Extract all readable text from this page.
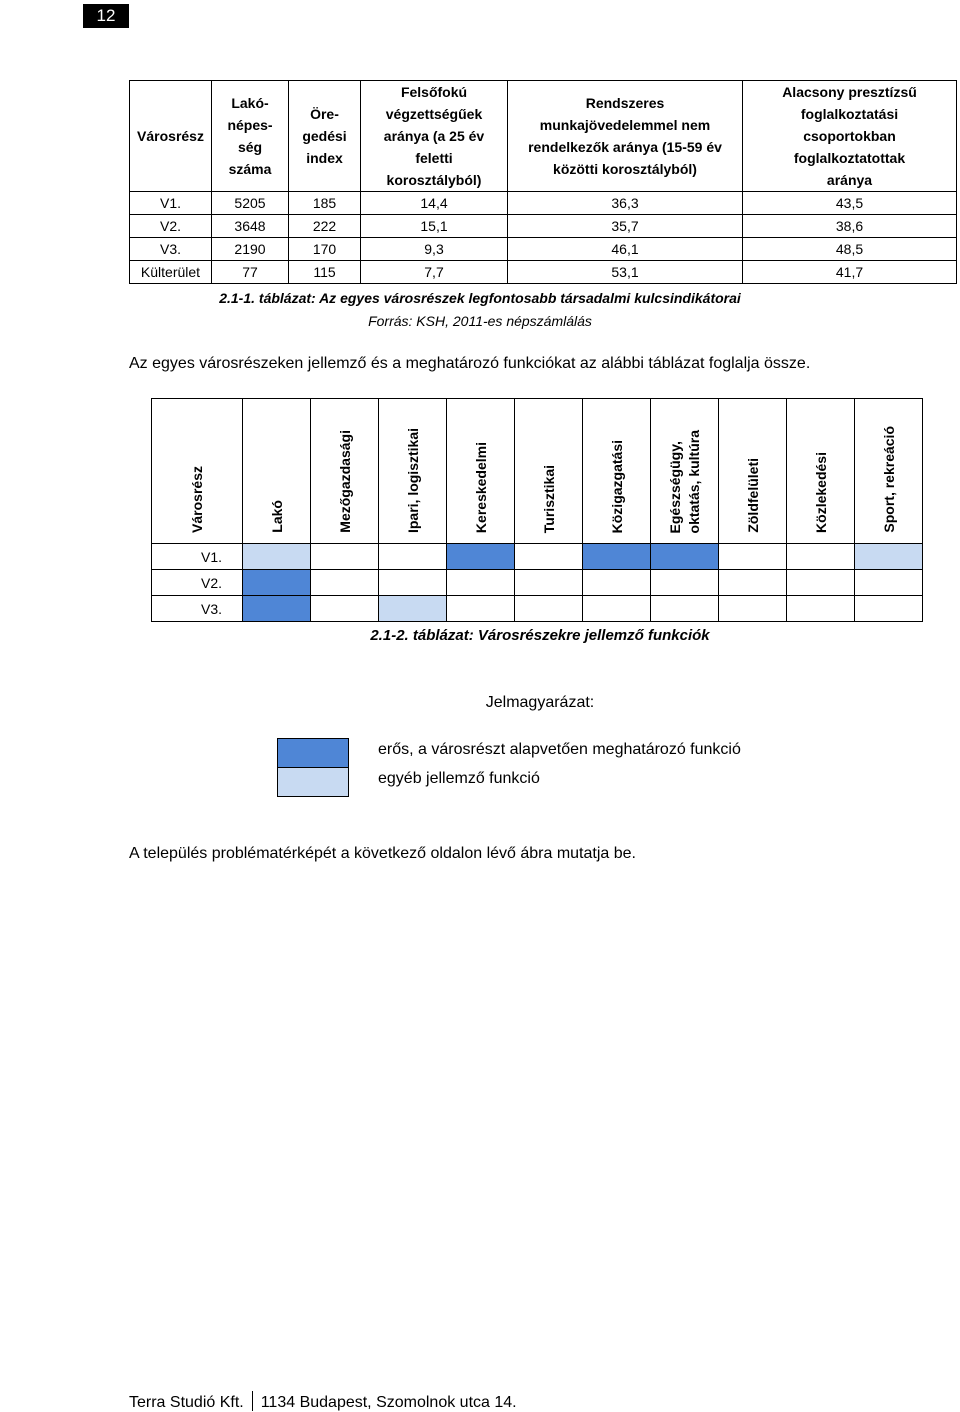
12
Városrész	Lakó-
népes-
ség
száma	Öre-
gedési
index	Felsőfokú
végzettségűek
aránya (a 25 év
feletti
korosztályból)	Rendszeres
munkajövedelemmel nem
rendelkezők aránya (15-59 év
közötti korosztályból)	Alacsony presztízsű
foglalkoztatási
csoportokban
foglalkoztatottak
aránya
V1.	5205	185	14,4	36,3	43,5
V2.	3648	222	15,1	35,7	38,6
V3.	2190	170	9,3	46,1	48,5
Külterület	77	115	7,7	53,1	41,7
2.1-1. táblázat: Az egyes városrészek legfontosabb társadalmi kulcsindikátorai
Forrás: KSH, 2011-es népszámlálás
Az egyes városrészeken jellemző és a meghatározó funkciókat az alábbi táblázat foglalja össze.
Városrész	Lakó	Mezőgazdasági	Ipari, logisztikai	Kereskedelmi	Turisztikai	Közigazgatási	Egészségügy, oktatás, kultúra	Zöldfelületi	Közlekedési	Sport, rekreáció

V1.										
V2.										
V3.										
2.1-2. táblázat: Városrészekre jellemző funkciók
Jelmagyarázat:
erős, a városrészt alapvetően meghatározó funkció
egyéb jellemző funkció
A település problématérképét a következő oldalon lévő ábra mutatja be.
Terra Studió Kft. 1134 Budapest, Szomolnok utca 14.
